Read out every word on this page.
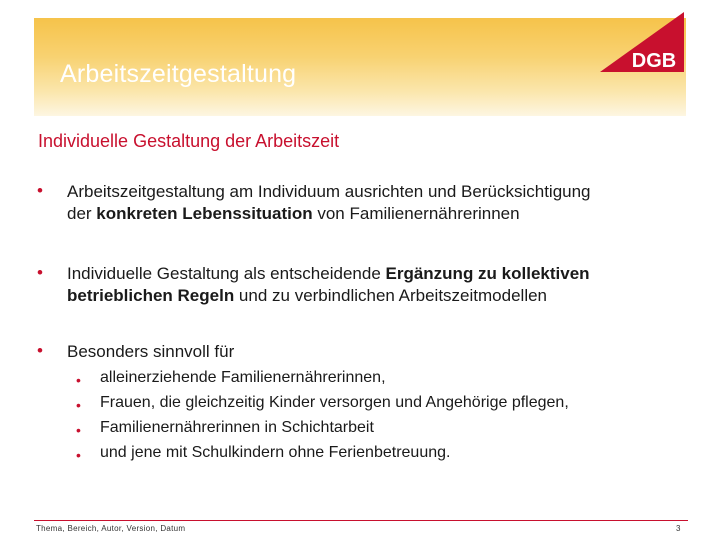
Arbeitszeitgestaltung	DGB
Individuelle Gestaltung der Arbeitszeit
• Arbeitszeitgestaltung am Individuum ausrichten und Berücksichtigung
der konkreten Lebenssituation von Familienernährerinnen
• Individuelle Gestaltung als entscheidende Ergänzung zu kollektiven
betrieblichen Regeln und zu verbindlichen Arbeitszeitmodellen
• Besonders sinnvoll für
• alleinerziehende Familienernährerinnen,
• Frauen, die gleichzeitig Kinder versorgen und Angehörige pflegen,
• Familienernährerinnen in Schichtarbeit
• und jene mit Schulkindern ohne Ferienbetreuung.
Thema, Bereich, Autor, Version, Datum	3
